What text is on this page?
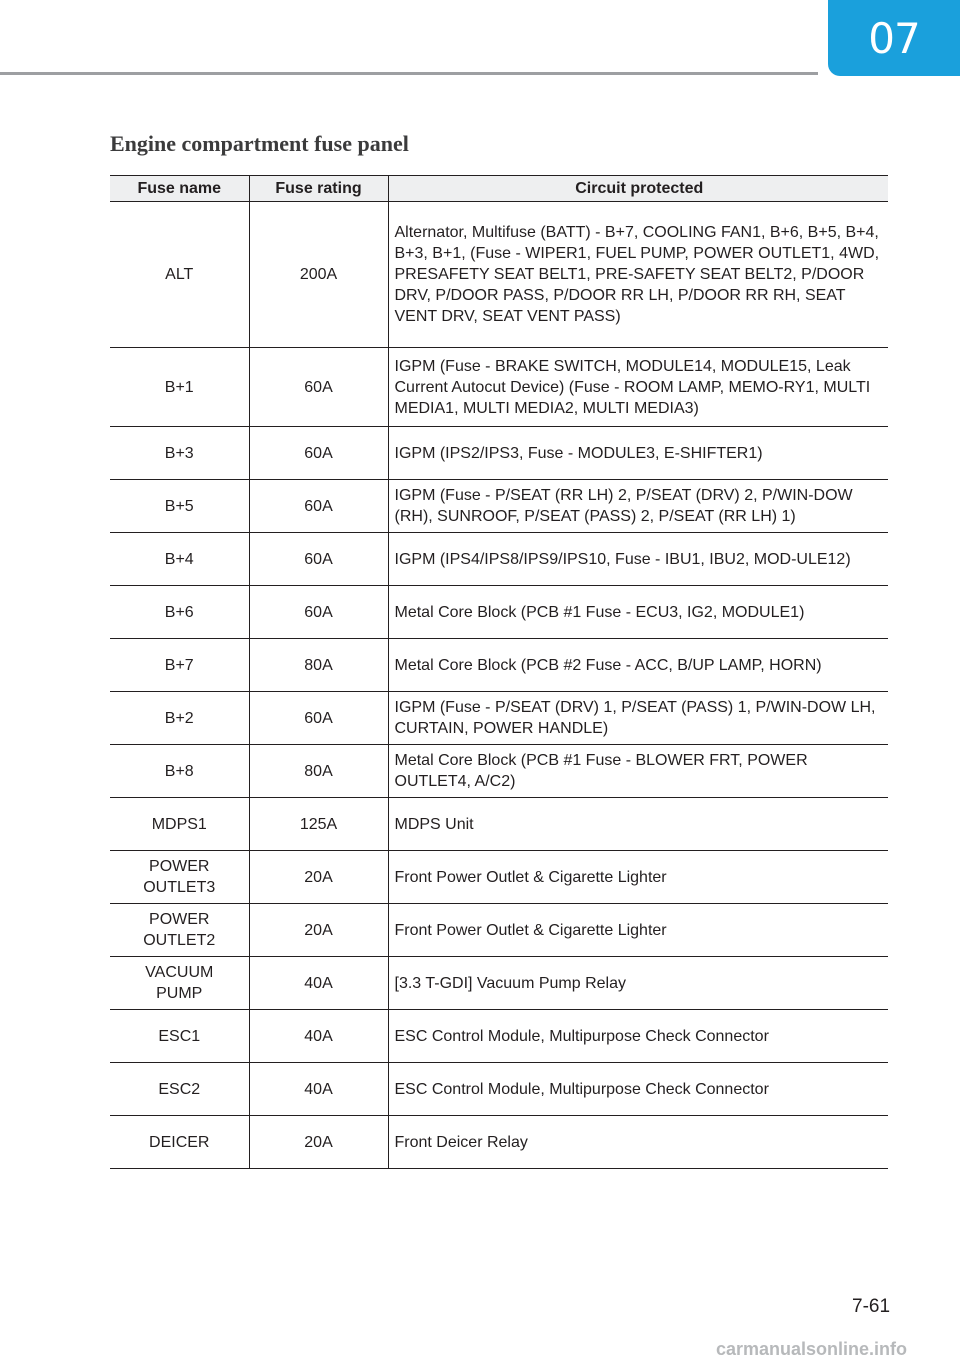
07
Engine compartment fuse panel
Fuse name	Fuse rating	Circuit protected
ALT	200A	Alternator, Multifuse (BATT) - B+7, COOLING FAN1, B+6, B+5, B+4, B+3, B+1, (Fuse - WIPER1, FUEL PUMP, POWER OUTLET1, 4WD, PRESAFETY SEAT BELT1, PRE-SAFETY SEAT BELT2, P/DOOR DRV, P/DOOR PASS, P/DOOR RR LH, P/DOOR RR RH, SEAT VENT DRV, SEAT VENT PASS)
B+1	60A	IGPM (Fuse - BRAKE SWITCH, MODULE14, MODULE15, Leak Current Autocut Device) (Fuse - ROOM LAMP, MEMO-RY1, MULTI MEDIA1, MULTI MEDIA2, MULTI MEDIA3)
B+3	60A	IGPM (IPS2/IPS3, Fuse - MODULE3, E-SHIFTER1)
B+5	60A	IGPM (Fuse - P/SEAT (RR LH) 2, P/SEAT (DRV) 2, P/WIN-DOW (RH), SUNROOF, P/SEAT (PASS) 2, P/SEAT (RR LH) 1)
B+4	60A	IGPM (IPS4/IPS8/IPS9/IPS10, Fuse - IBU1, IBU2, MOD-ULE12)
B+6	60A	Metal Core Block (PCB #1 Fuse - ECU3, IG2, MODULE1)
B+7	80A	Metal Core Block (PCB #2 Fuse - ACC, B/UP LAMP, HORN)
B+2	60A	IGPM (Fuse - P/SEAT (DRV) 1, P/SEAT (PASS) 1, P/WIN-DOW LH, CURTAIN, POWER HANDLE)
B+8	80A	Metal Core Block (PCB #1 Fuse - BLOWER FRT, POWER OUTLET4, A/C2)
MDPS1	125A	MDPS Unit
POWER OUTLET3	20A	Front Power Outlet & Cigarette Lighter
POWER OUTLET2	20A	Front Power Outlet & Cigarette Lighter
VACUUM PUMP	40A	[3.3 T-GDI] Vacuum Pump Relay
ESC1	40A	ESC Control Module, Multipurpose Check Connector
ESC2	40A	ESC Control Module, Multipurpose Check Connector
DEICER	20A	Front Deicer Relay
7-61
carmanualsonline.info
